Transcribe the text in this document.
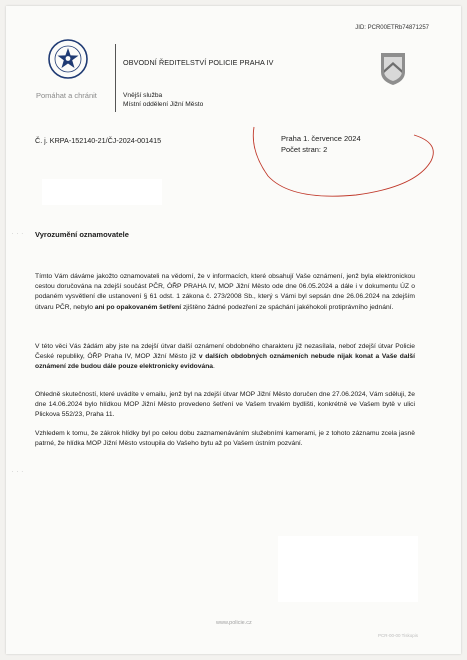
JID: PCR00ETRb74871257
Pomáhat a chránit
OBVODNÍ ŘEDITELSTVÍ POLICIE PRAHA IV
Vnější služba
Místní oddělení Jižní Město
Č. j. KRPA-152140-21/ČJ-2024-001415	Praha 1. července 2024
Počet stran: 2
. . . Vyrozumění oznamovatele

Tímto Vám dáváme jakožto oznamovateli na vědomí, že v informacích, které obsahují Vaše oznámení, jenž byla elektronickou cestou doručována na zdejší součást PČR, ÓŘP PRAHA IV, MOP Jižní Město ode dne 06.05.2024 a dále i v dokumentu ÚZ o podaném vysvětlení dle ustanovení § 61 odst. 1 zákona č. 273/2008 Sb., který s Vámi byl sepsán dne 26.06.2024 na zdejším útvaru PČR, nebylo ani po opakovaném šetření zjištěno žádné podezření ze spáchání jakéhokoli protiprávního jednání.

V této věci Vás žádám aby jste na zdejší útvar další oznámení obdobného charakteru již nezasílala, neboť zdejší útvar Policie České republiky, ÓŘP Praha IV, MOP Jižní Město již v dalších obdobných oznámeních nebude nijak konat a Vaše další oznámení zde budou dále pouze elektronicky evidována.

Ohledně skutečností, které uvádíte v emailu, jenž byl na zdejší útvar MOP Jižní Město doručen dne 27.06.2024, Vám sděluji, že dne 14.06.2024 bylo hlídkou MOP Jižní Město provedeno šetření ve Vašem trvalém bydlišti, konkrétně ve Vašem bytě v ulici Plickova 552/23, Praha 11.

Vzhledem k tomu, že zákrok hlídky byl po celou dobu zaznamenáváním služebními kamerami, je z tohoto záznamu zcela jasně patrné, že hlídka MOP Jižní Město vstoupila do Vašeho bytu až po Vašem ústním pozvání.

. . .
www.policie.cz
PCR-00-00 Tiskopis
